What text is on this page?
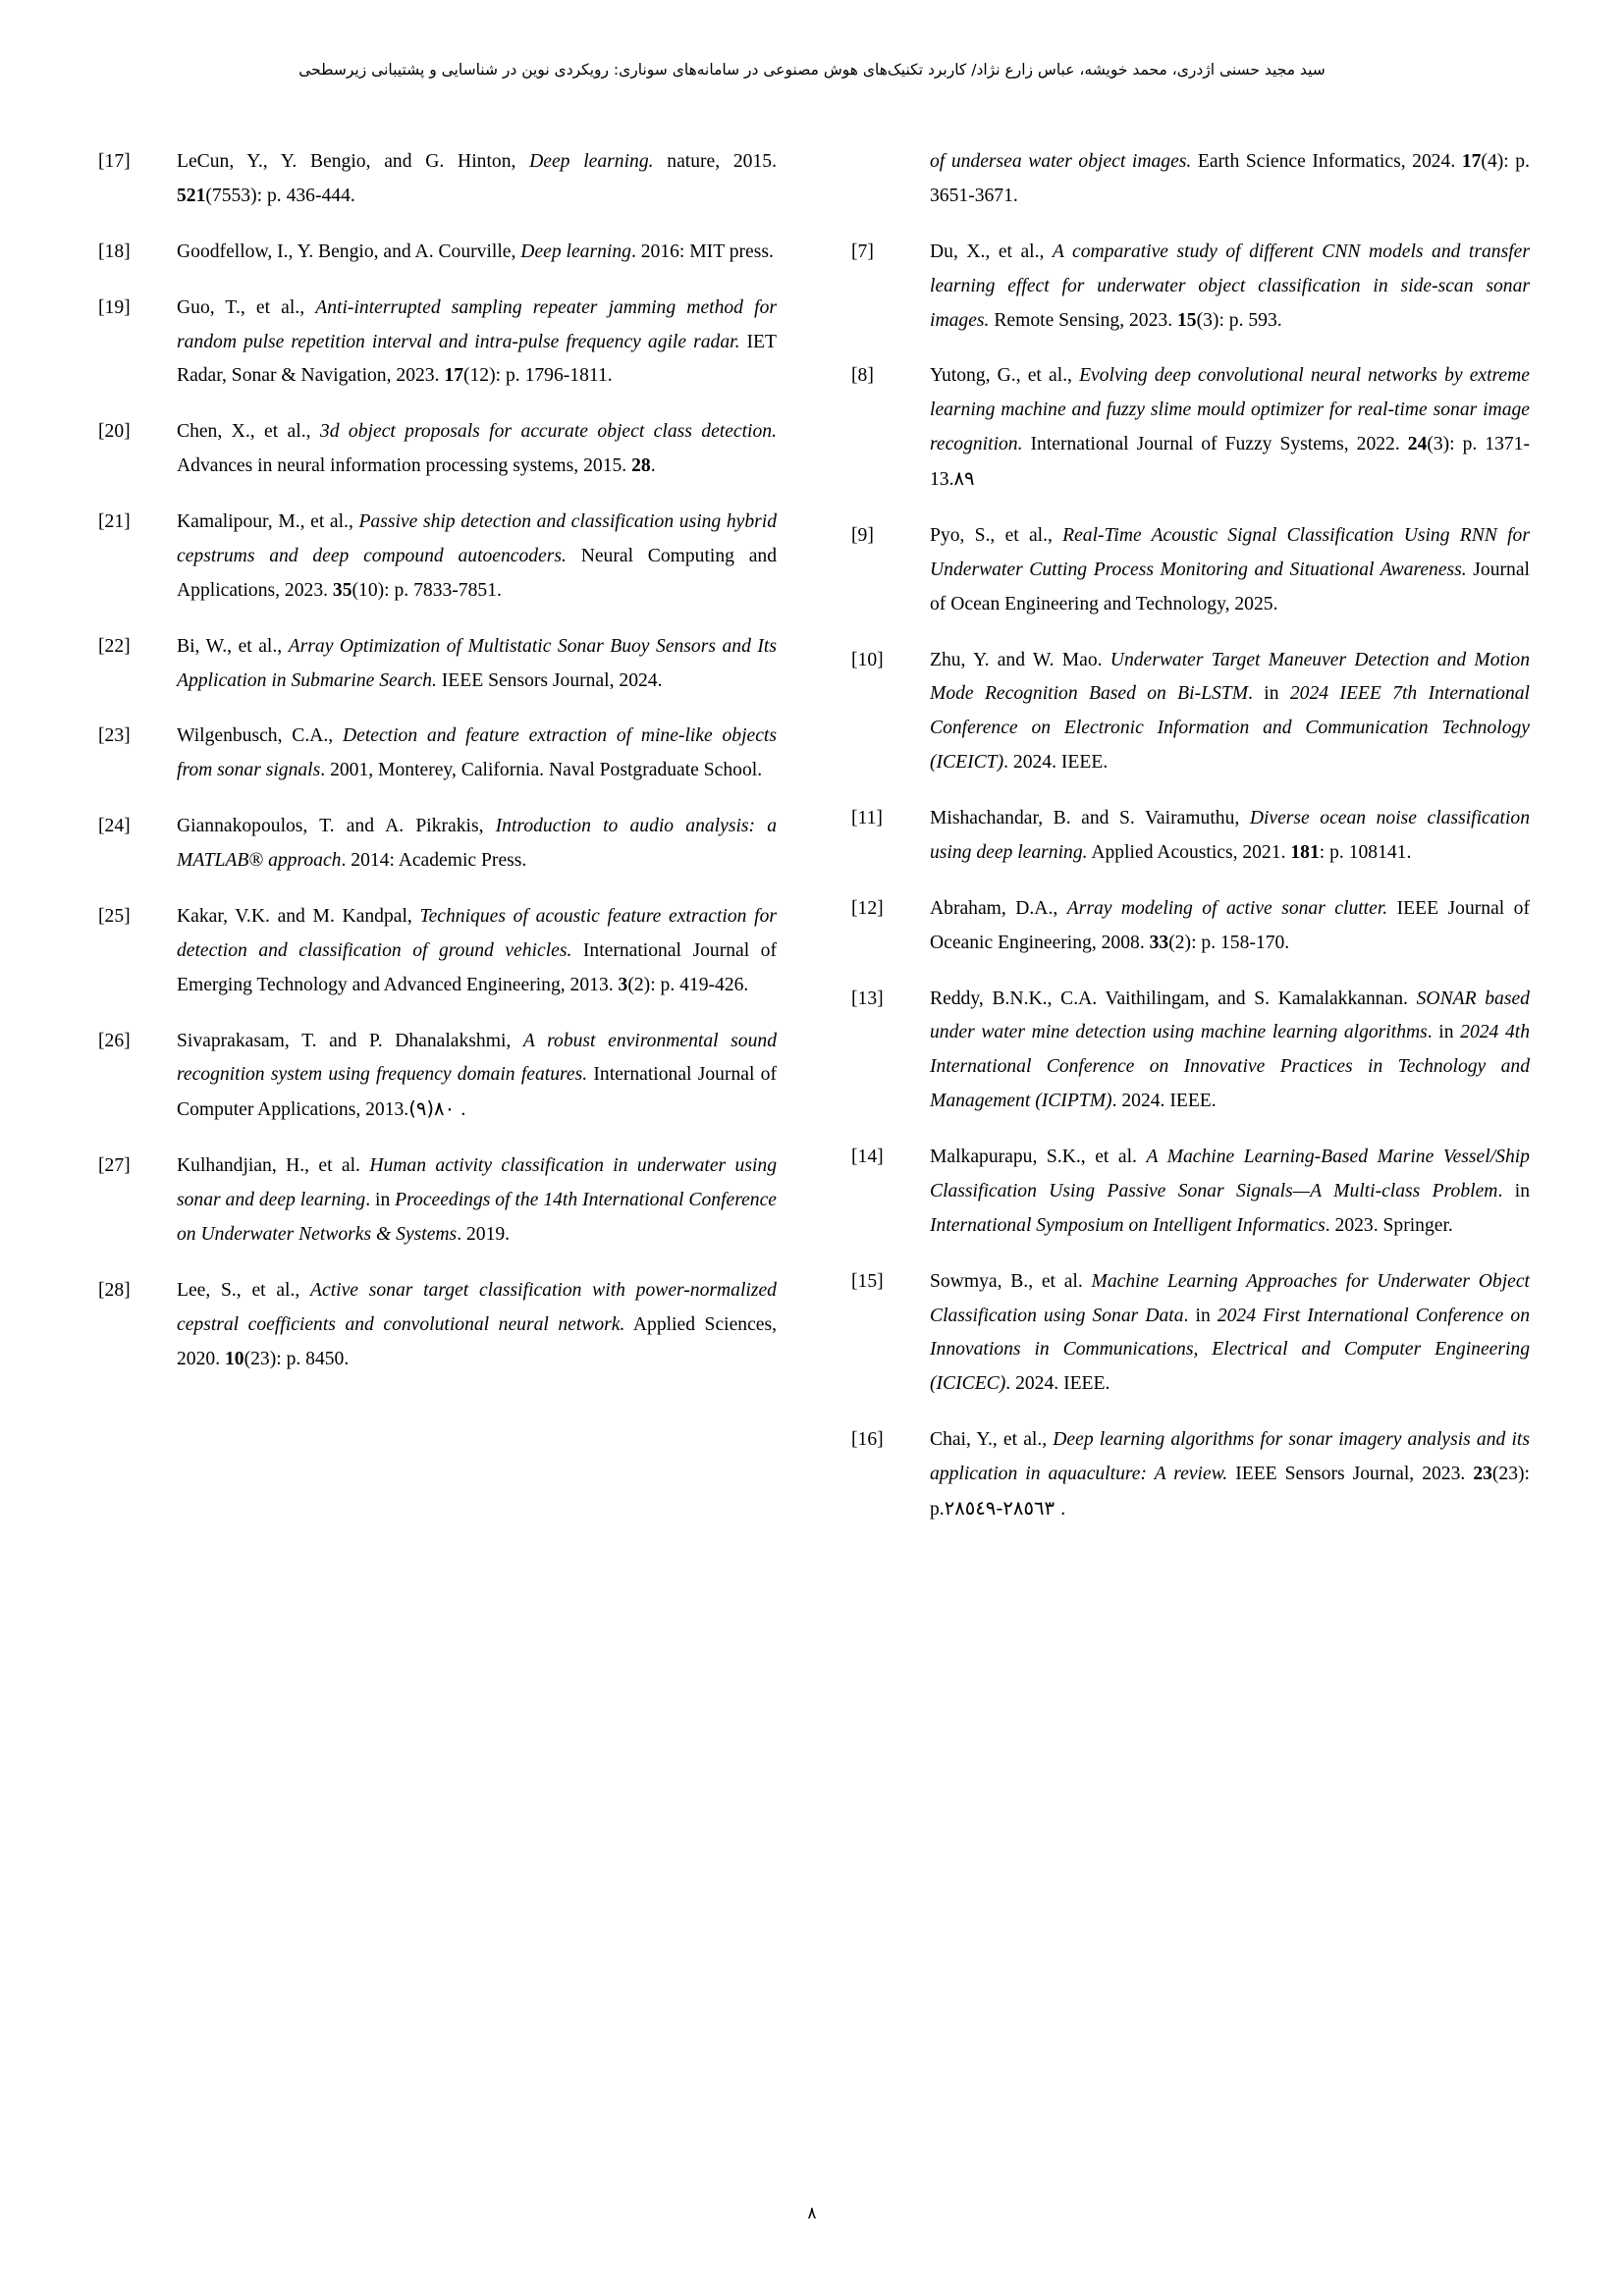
سید مجید حسنی اژدری، محمد خویشه، عباس زارع نژاد/ کاربرد تکنیک‌های هوش مصنوعی در سامانه‌های سوناری: رویکردی نوین در شناسایی و پشتیبانی زیرسطحی
[17]	LeCun, Y., Y. Bengio, and G. Hinton, Deep learning. nature, 2015. 521(7553): p. 436-444.
[18]	Goodfellow, I., Y. Bengio, and A. Courville, Deep learning. 2016: MIT press.
[19]	Guo, T., et al., Anti-interrupted sampling repeater jamming method for random pulse repetition interval and intra-pulse frequency agile radar. IET Radar, Sonar & Navigation, 2023. 17(12): p. 1796-1811.
[20]	Chen, X., et al., 3d object proposals for accurate object class detection. Advances in neural information processing systems, 2015. 28.
[21]	Kamalipour, M., et al., Passive ship detection and classification using hybrid cepstrums and deep compound autoencoders. Neural Computing and Applications, 2023. 35(10): p. 7833-7851.
[22]	Bi, W., et al., Array Optimization of Multistatic Sonar Buoy Sensors and Its Application in Submarine Search. IEEE Sensors Journal, 2024.
[23]	Wilgenbusch, C.A., Detection and feature extraction of mine-like objects from sonar signals. 2001, Monterey, California. Naval Postgraduate School.
[24]	Giannakopoulos, T. and A. Pikrakis, Introduction to audio analysis: a MATLAB® approach. 2014: Academic Press.
[25]	Kakar, V.K. and M. Kandpal, Techniques of acoustic feature extraction for detection and classification of ground vehicles. International Journal of Emerging Technology and Advanced Engineering, 2013. 3(2): p. 419-426.
[26]	Sivaprakasam, T. and P. Dhanalakshmi, A robust environmental sound recognition system using frequency domain features. International Journal of Computer Applications, 2013.(٩)٨٠ .
[27]	Kulhandjian, H., et al. Human activity classification in underwater using sonar and deep learning. in Proceedings of the 14th International Conference on Underwater Networks & Systems. 2019.
[28]	Lee, S., et al., Active sonar target classification with power-normalized cepstral coefficients and convolutional neural network. Applied Sciences, 2020. 10(23): p. 8450.
of undersea water object images. Earth Science Informatics, 2024. 17(4): p. 3651-3671.
[7]	Du, X., et al., A comparative study of different CNN models and transfer learning effect for underwater object classification in side-scan sonar images. Remote Sensing, 2023. 15(3): p. 593.
[8]	Yutong, G., et al., Evolving deep convolutional neural networks by extreme learning machine and fuzzy slime mould optimizer for real-time sonar image recognition. International Journal of Fuzzy Systems, 2022. 24(3): p. 1371-13.٨٩
[9]	Pyo, S., et al., Real-Time Acoustic Signal Classification Using RNN for Underwater Cutting Process Monitoring and Situational Awareness. Journal of Ocean Engineering and Technology, 2025.
[10]	Zhu, Y. and W. Mao. Underwater Target Maneuver Detection and Motion Mode Recognition Based on Bi-LSTM. in 2024 IEEE 7th International Conference on Electronic Information and Communication Technology (ICEICT). 2024. IEEE.
[11]	Mishachandar, B. and S. Vairamuthu, Diverse ocean noise classification using deep learning. Applied Acoustics, 2021. 181: p. 108141.
[12]	Abraham, D.A., Array modeling of active sonar clutter. IEEE Journal of Oceanic Engineering, 2008. 33(2): p. 158-170.
[13]	Reddy, B.N.K., C.A. Vaithilingam, and S. Kamalakkannan. SONAR based under water mine detection using machine learning algorithms. in 2024 4th International Conference on Innovative Practices in Technology and Management (ICIPTM). 2024. IEEE.
[14]	Malkapurapu, S.K., et al. A Machine Learning-Based Marine Vessel/Ship Classification Using Passive Sonar Signals—A Multi-class Problem. in International Symposium on Intelligent Informatics. 2023. Springer.
[15]	Sowmya, B., et al. Machine Learning Approaches for Underwater Object Classification using Sonar Data. in 2024 First International Conference on Innovations in Communications, Electrical and Computer Engineering (ICICEC). 2024. IEEE.
[16]	Chai, Y., et al., Deep learning algorithms for sonar imagery analysis and its application in aquaculture: A review. IEEE Sensors Journal, 2023. 23(23): p.٢٨٥٦٣-٢٨٥٤٩ .
٨
